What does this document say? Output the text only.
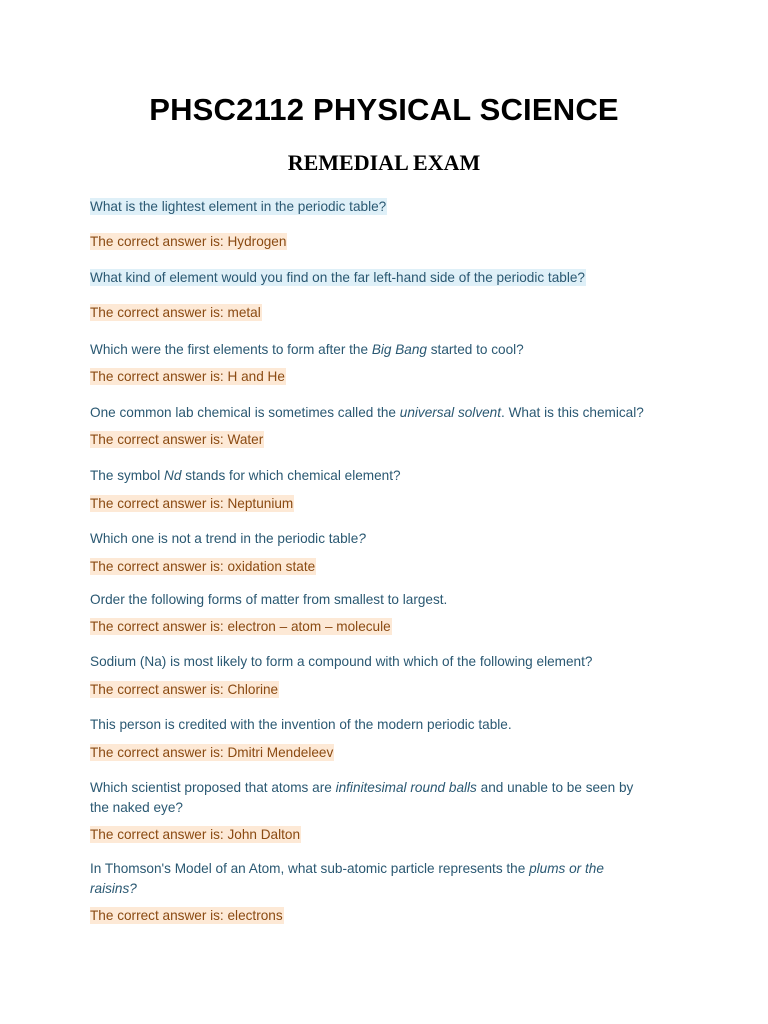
PHSC2112 PHYSICAL SCIENCE
REMEDIAL EXAM
What is the lightest element in the periodic table?
The correct answer is: Hydrogen
What kind of element would you find on the far left-hand side of the periodic table?
The correct answer is: metal
Which were the first elements to form after the Big Bang started to cool?
The correct answer is: H and He
One common lab chemical is sometimes called the universal solvent. What is this chemical?
The correct answer is: Water
The symbol Nd stands for which chemical element?
The correct answer is: Neptunium
Which one is not a trend in the periodic table?
The correct answer is: oxidation state
Order the following forms of matter from smallest to largest.
The correct answer is: electron – atom – molecule
Sodium (Na) is most likely to form a compound with which of the following element?
The correct answer is: Chlorine
This person is credited with the invention of the modern periodic table.
The correct answer is: Dmitri Mendeleev
Which scientist proposed that atoms are infinitesimal round balls and unable to be seen by
the naked eye?
The correct answer is: John Dalton
In Thomson's Model of an Atom, what sub-atomic particle represents the plums or the
raisins?
The correct answer is: electrons
